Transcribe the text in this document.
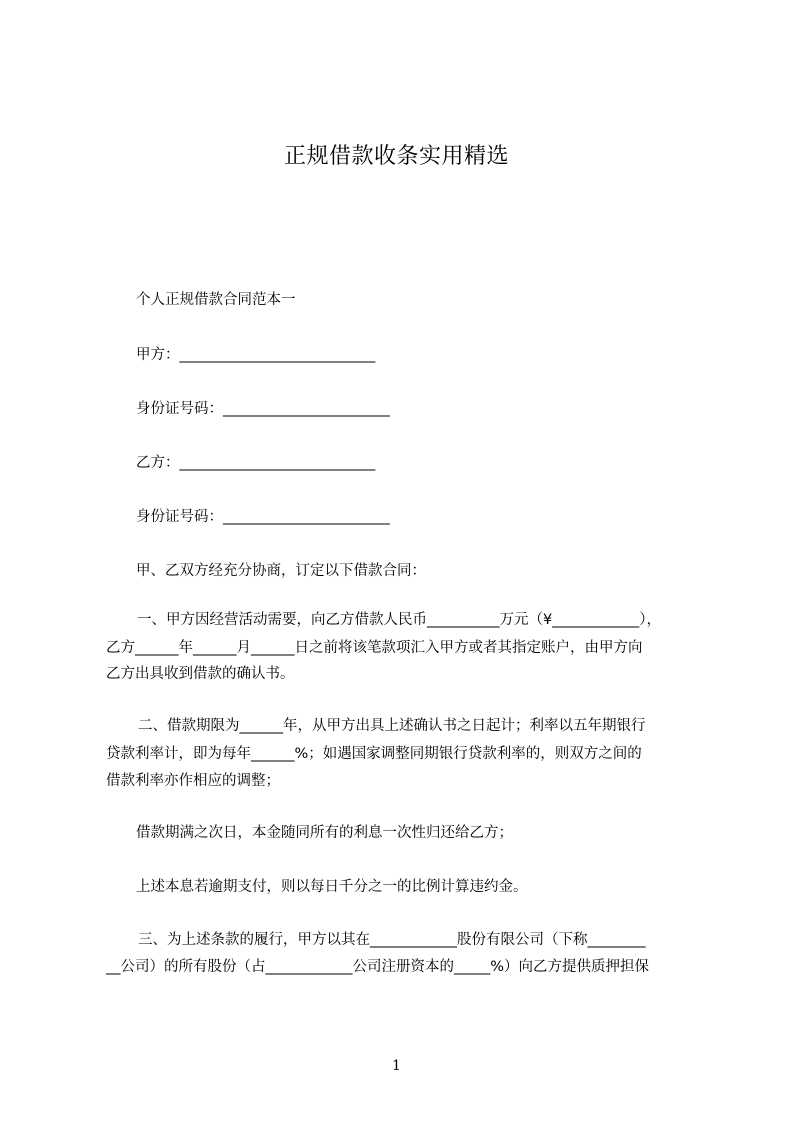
正规借款收条实用精选
个人正规借款合同范本一
甲方：___________________________
身份证号码：_______________________
乙方：___________________________
身份证号码：_______________________
甲、乙双方经充分协商，订定以下借款合同：
一、甲方因经营活动需要，向乙方借款人民币__________万元（¥____________），
乙方______年______月______日之前将该笔款项汇入甲方或者其指定账户，由甲方向
乙方出具收到借款的确认书。
二、借款期限为______年，从甲方出具上述确认书之日起计；利率以五年期银行
贷款利率计，即为每年______%；如遇国家调整同期银行贷款利率的，则双方之间的
借款利率亦作相应的调整；
借款期满之次日，本金随同所有的利息一次性归还给乙方；
上述本息若逾期支付，则以每日千分之一的比例计算违约金。
三、为上述条款的履行，甲方以其在____________股份有限公司（下称________
__公司）的所有股份（占____________公司注册资本的_____%）向乙方提供质押担保
1
